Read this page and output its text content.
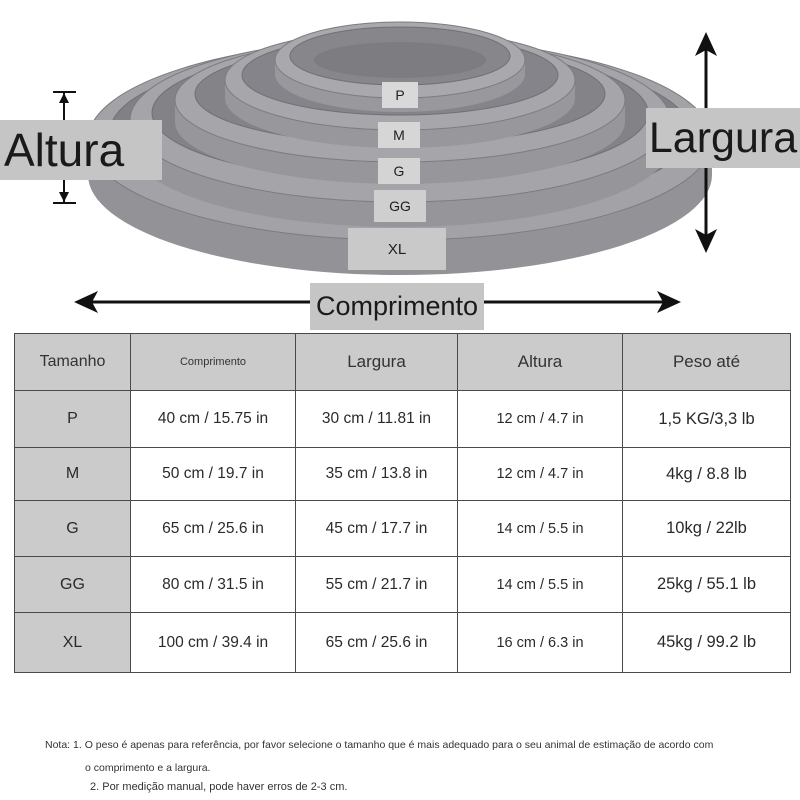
P
M
G
GG
XL
Altura	Largura
Comprimento
Tamanho	Comprimento	Largura	Altura	Peso até
P	40 cm / 15.75 in	30 cm / 11.81 in	12 cm / 4.7 in	1,5 KG/3,3 lb
M	50 cm / 19.7 in	35 cm / 13.8 in	12 cm / 4.7 in	4kg / 8.8 lb
G	65 cm / 25.6 in	45 cm / 17.7 in	14 cm / 5.5 in	10kg / 22lb
GG	80 cm / 31.5 in	55 cm / 21.7 in	14 cm / 5.5 in	25kg / 55.1 lb
XL	100 cm / 39.4 in	65 cm / 25.6 in	16 cm / 6.3 in	45kg / 99.2 lb
Nota: 1. O peso é apenas para referência, por favor selecione o tamanho que é mais adequado para o seu animal de estimação de acordo com
o comprimento e a largura.
2. Por medição manual, pode haver erros de 2-3 cm.
